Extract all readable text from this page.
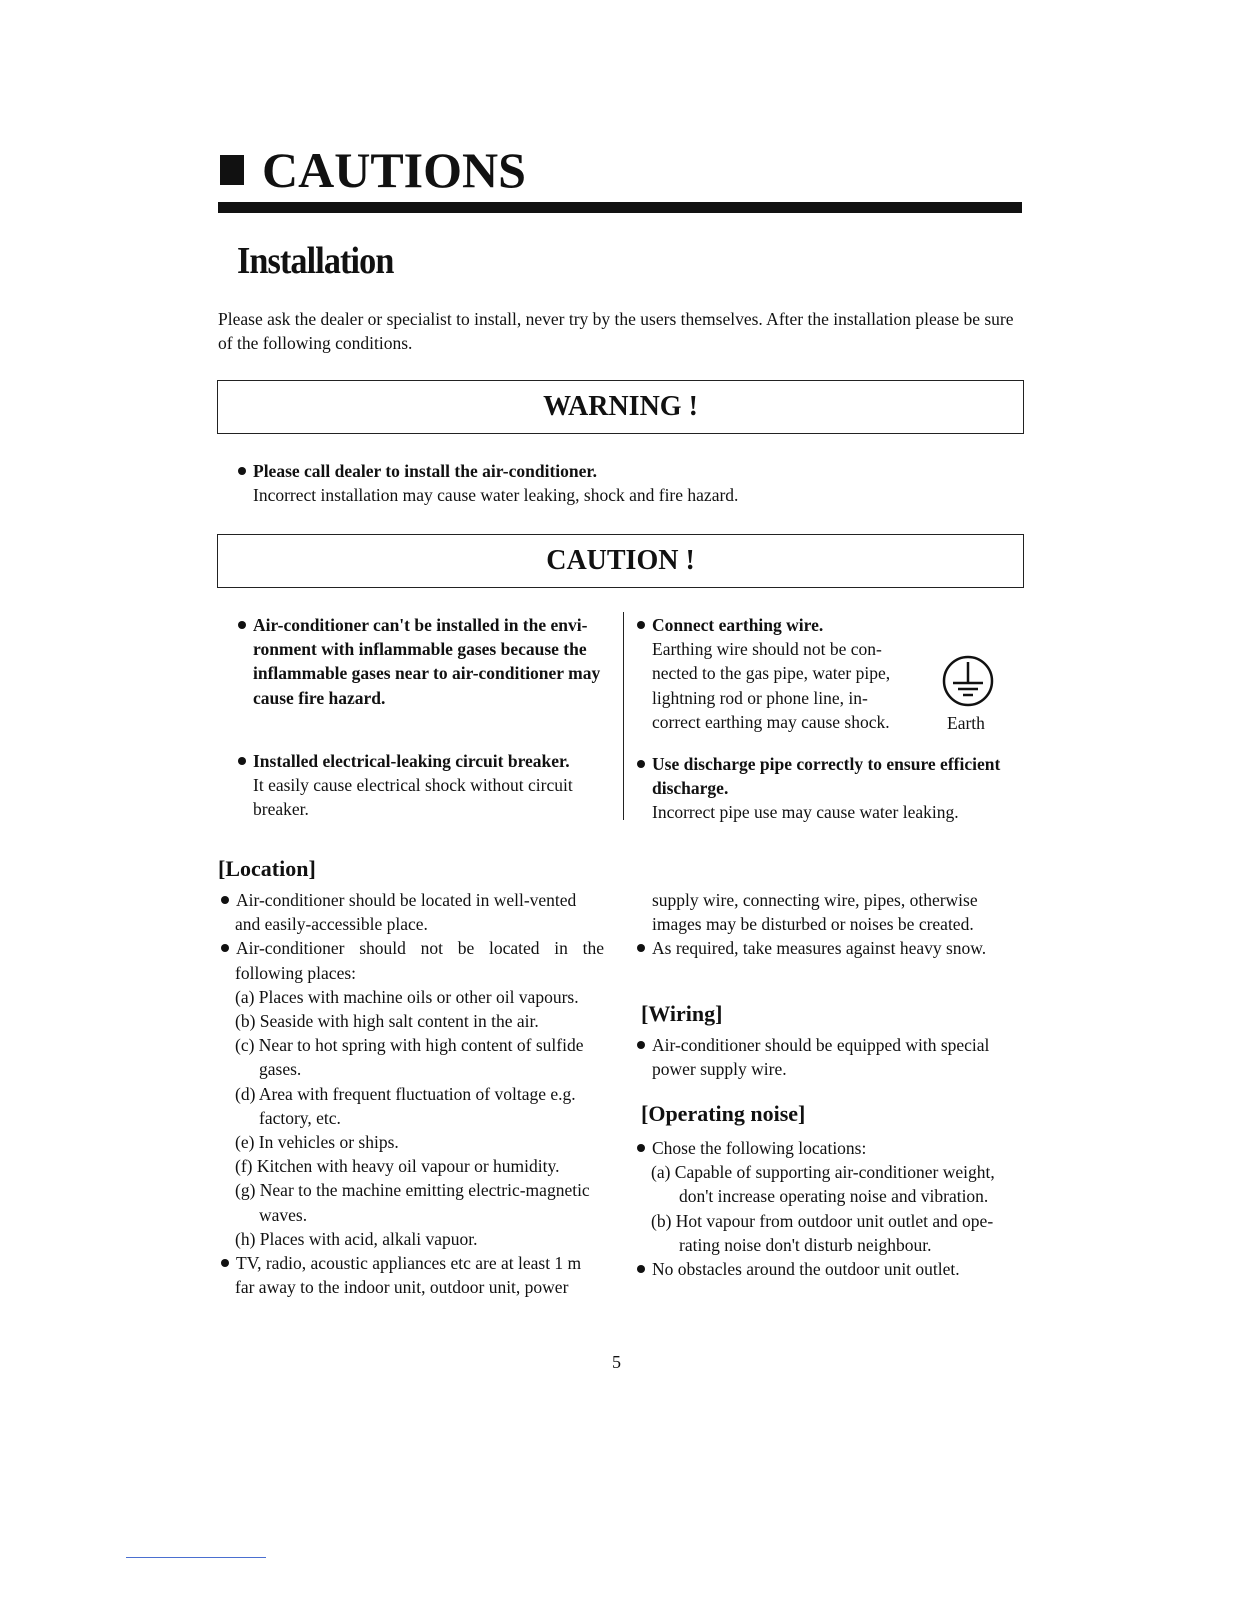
CAUTIONS
Installation
Please ask the dealer or specialist to install, never try by the users themselves. After the installation please be sure of the following conditions.
WARNING !
Please call dealer to install the air-conditioner.
Incorrect installation may cause water leaking, shock and fire hazard.
CAUTION !
Air-conditioner can't be installed in the envi-
ronment with inflammable gases because the
inflammable gases near to air-conditioner may
cause fire hazard.
Installed electrical-leaking circuit breaker.
It easily cause electrical shock without circuit
breaker.
Connect earthing wire.
Earthing wire should not be con-
nected to the gas pipe, water pipe,
lightning rod or phone line, in-
correct earthing may cause shock.	Earth
Use discharge pipe correctly to ensure efficient
discharge.
Incorrect pipe use may cause water leaking.
[Location]
Air-conditioner should be located in well-vented
and easily-accessible place.
Air-conditioner should not be located in the
following places:
(a) Places with machine oils or other oil vapours.
(b) Seaside with high salt content in the air.
(c) Near to hot spring with high content of sulfide
gases.
(d) Area with frequent fluctuation of voltage e.g.
factory, etc.
(e) In vehicles or ships.
(f) Kitchen with heavy oil vapour or humidity.
(g) Near to the machine emitting electric-magnetic
waves.
(h) Places with acid, alkali vapuor.
TV, radio, acoustic appliances etc are at least 1 m
far away to the indoor unit, outdoor unit, power
supply wire, connecting wire, pipes, otherwise
images may be disturbed or noises be created.
As required, take measures against heavy snow.
[Wiring]
Air-conditioner should be equipped with special
power supply wire.
[Operating noise]
Chose the following locations:
(a) Capable of supporting air-conditioner weight,
don't increase operating noise and vibration.
(b) Hot vapour from outdoor unit outlet and ope-
rating noise don't disturb neighbour.
No obstacles around the outdoor unit outlet.
5
